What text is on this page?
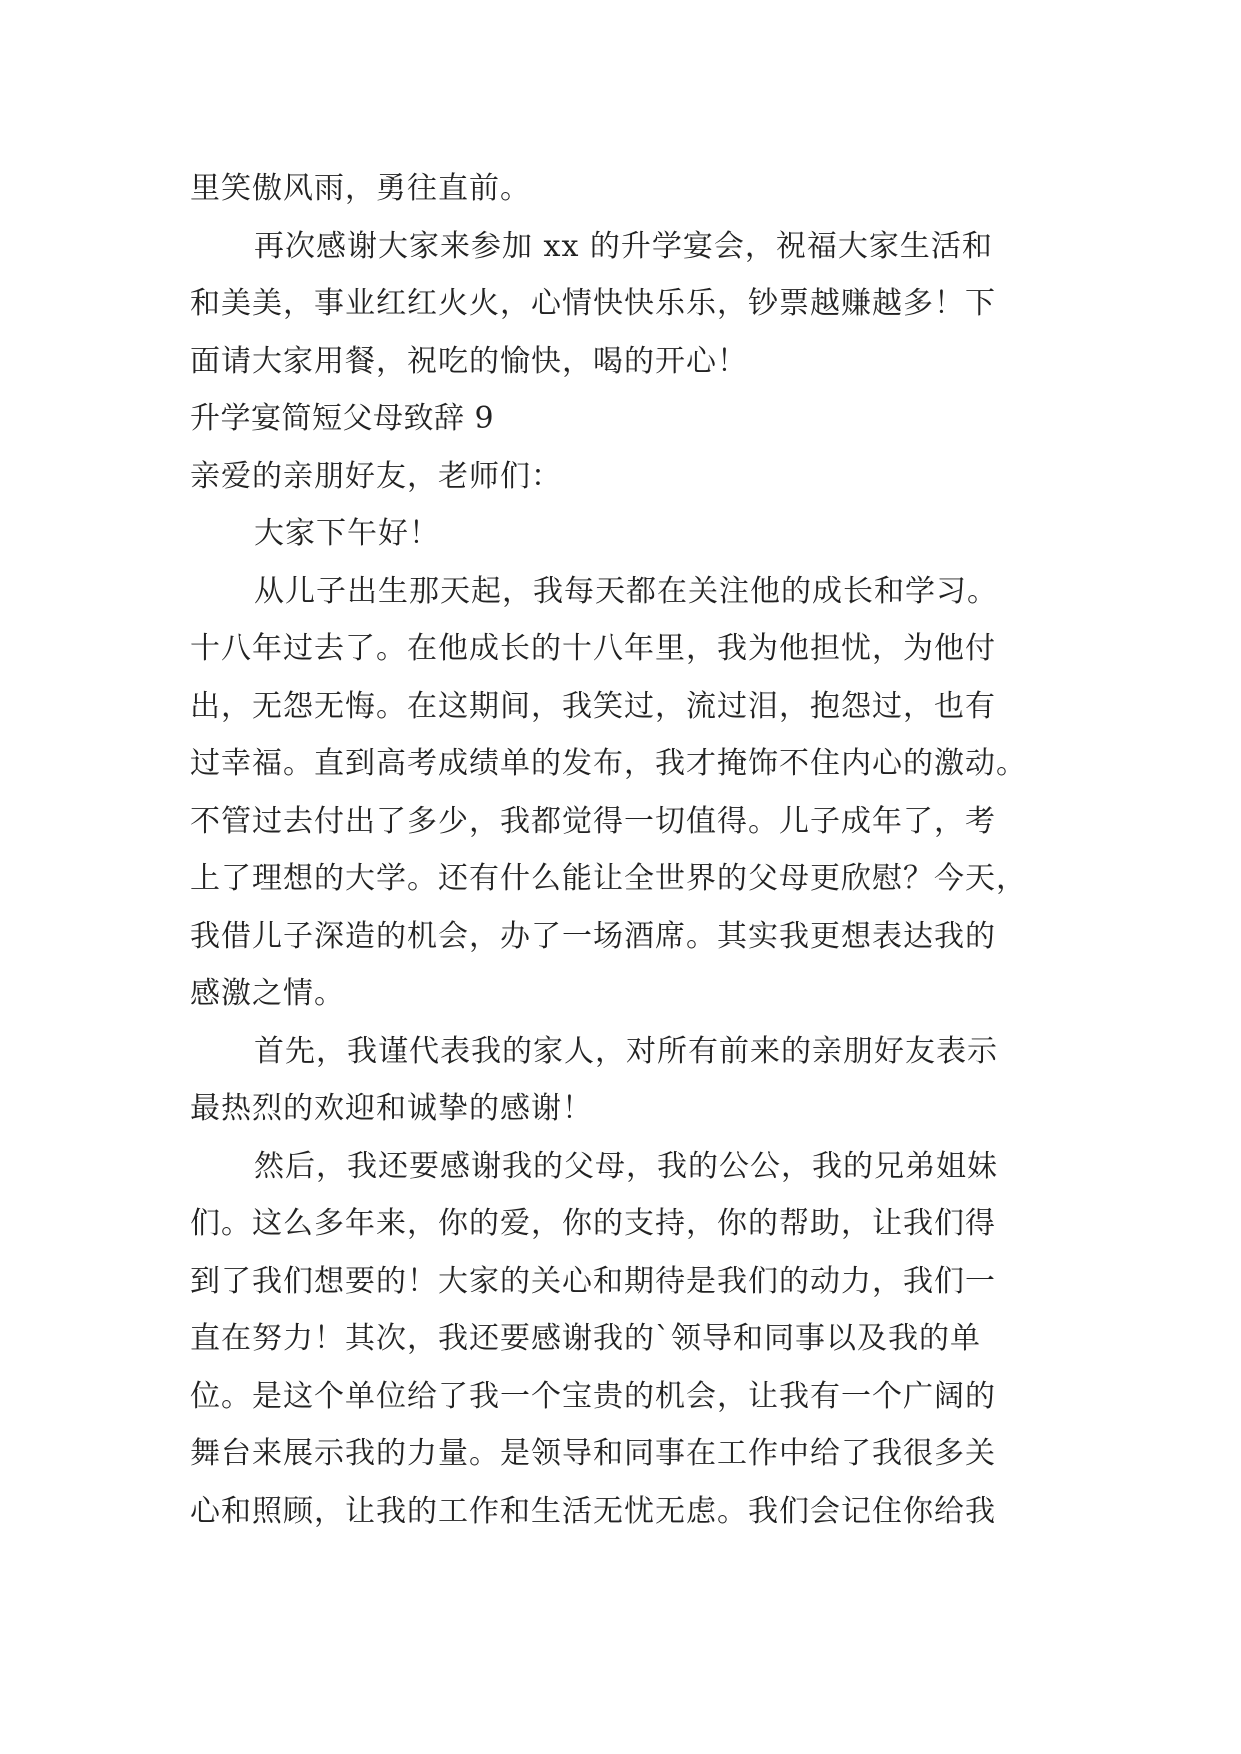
里笑傲风雨，勇往直前。
再次感谢大家来参加 xx 的升学宴会，祝福大家生活和
和美美，事业红红火火，心情快快乐乐，钞票越赚越多！下
面请大家用餐，祝吃的愉快，喝的开心！
升学宴简短父母致辞 9
亲爱的亲朋好友，老师们：
大家下午好！
从儿子出生那天起，我每天都在关注他的成长和学习。
十八年过去了。在他成长的十八年里，我为他担忧，为他付
出，无怨无悔。在这期间，我笑过，流过泪，抱怨过，也有
过幸福。直到高考成绩单的发布，我才掩饰不住内心的激动。
不管过去付出了多少，我都觉得一切值得。儿子成年了，考
上了理想的大学。还有什么能让全世界的父母更欣慰？今天，
我借儿子深造的机会，办了一场酒席。其实我更想表达我的
感激之情。
首先，我谨代表我的家人，对所有前来的亲朋好友表示
最热烈的欢迎和诚挚的感谢！
然后，我还要感谢我的父母，我的公公，我的兄弟姐妹
们。这么多年来，你的爱，你的支持，你的帮助，让我们得
到了我们想要的！大家的关心和期待是我们的动力，我们一
直在努力！其次，我还要感谢我的`领导和同事以及我的单
位。是这个单位给了我一个宝贵的机会，让我有一个广阔的
舞台来展示我的力量。是领导和同事在工作中给了我很多关
心和照顾，让我的工作和生活无忧无虑。我们会记住你给我
